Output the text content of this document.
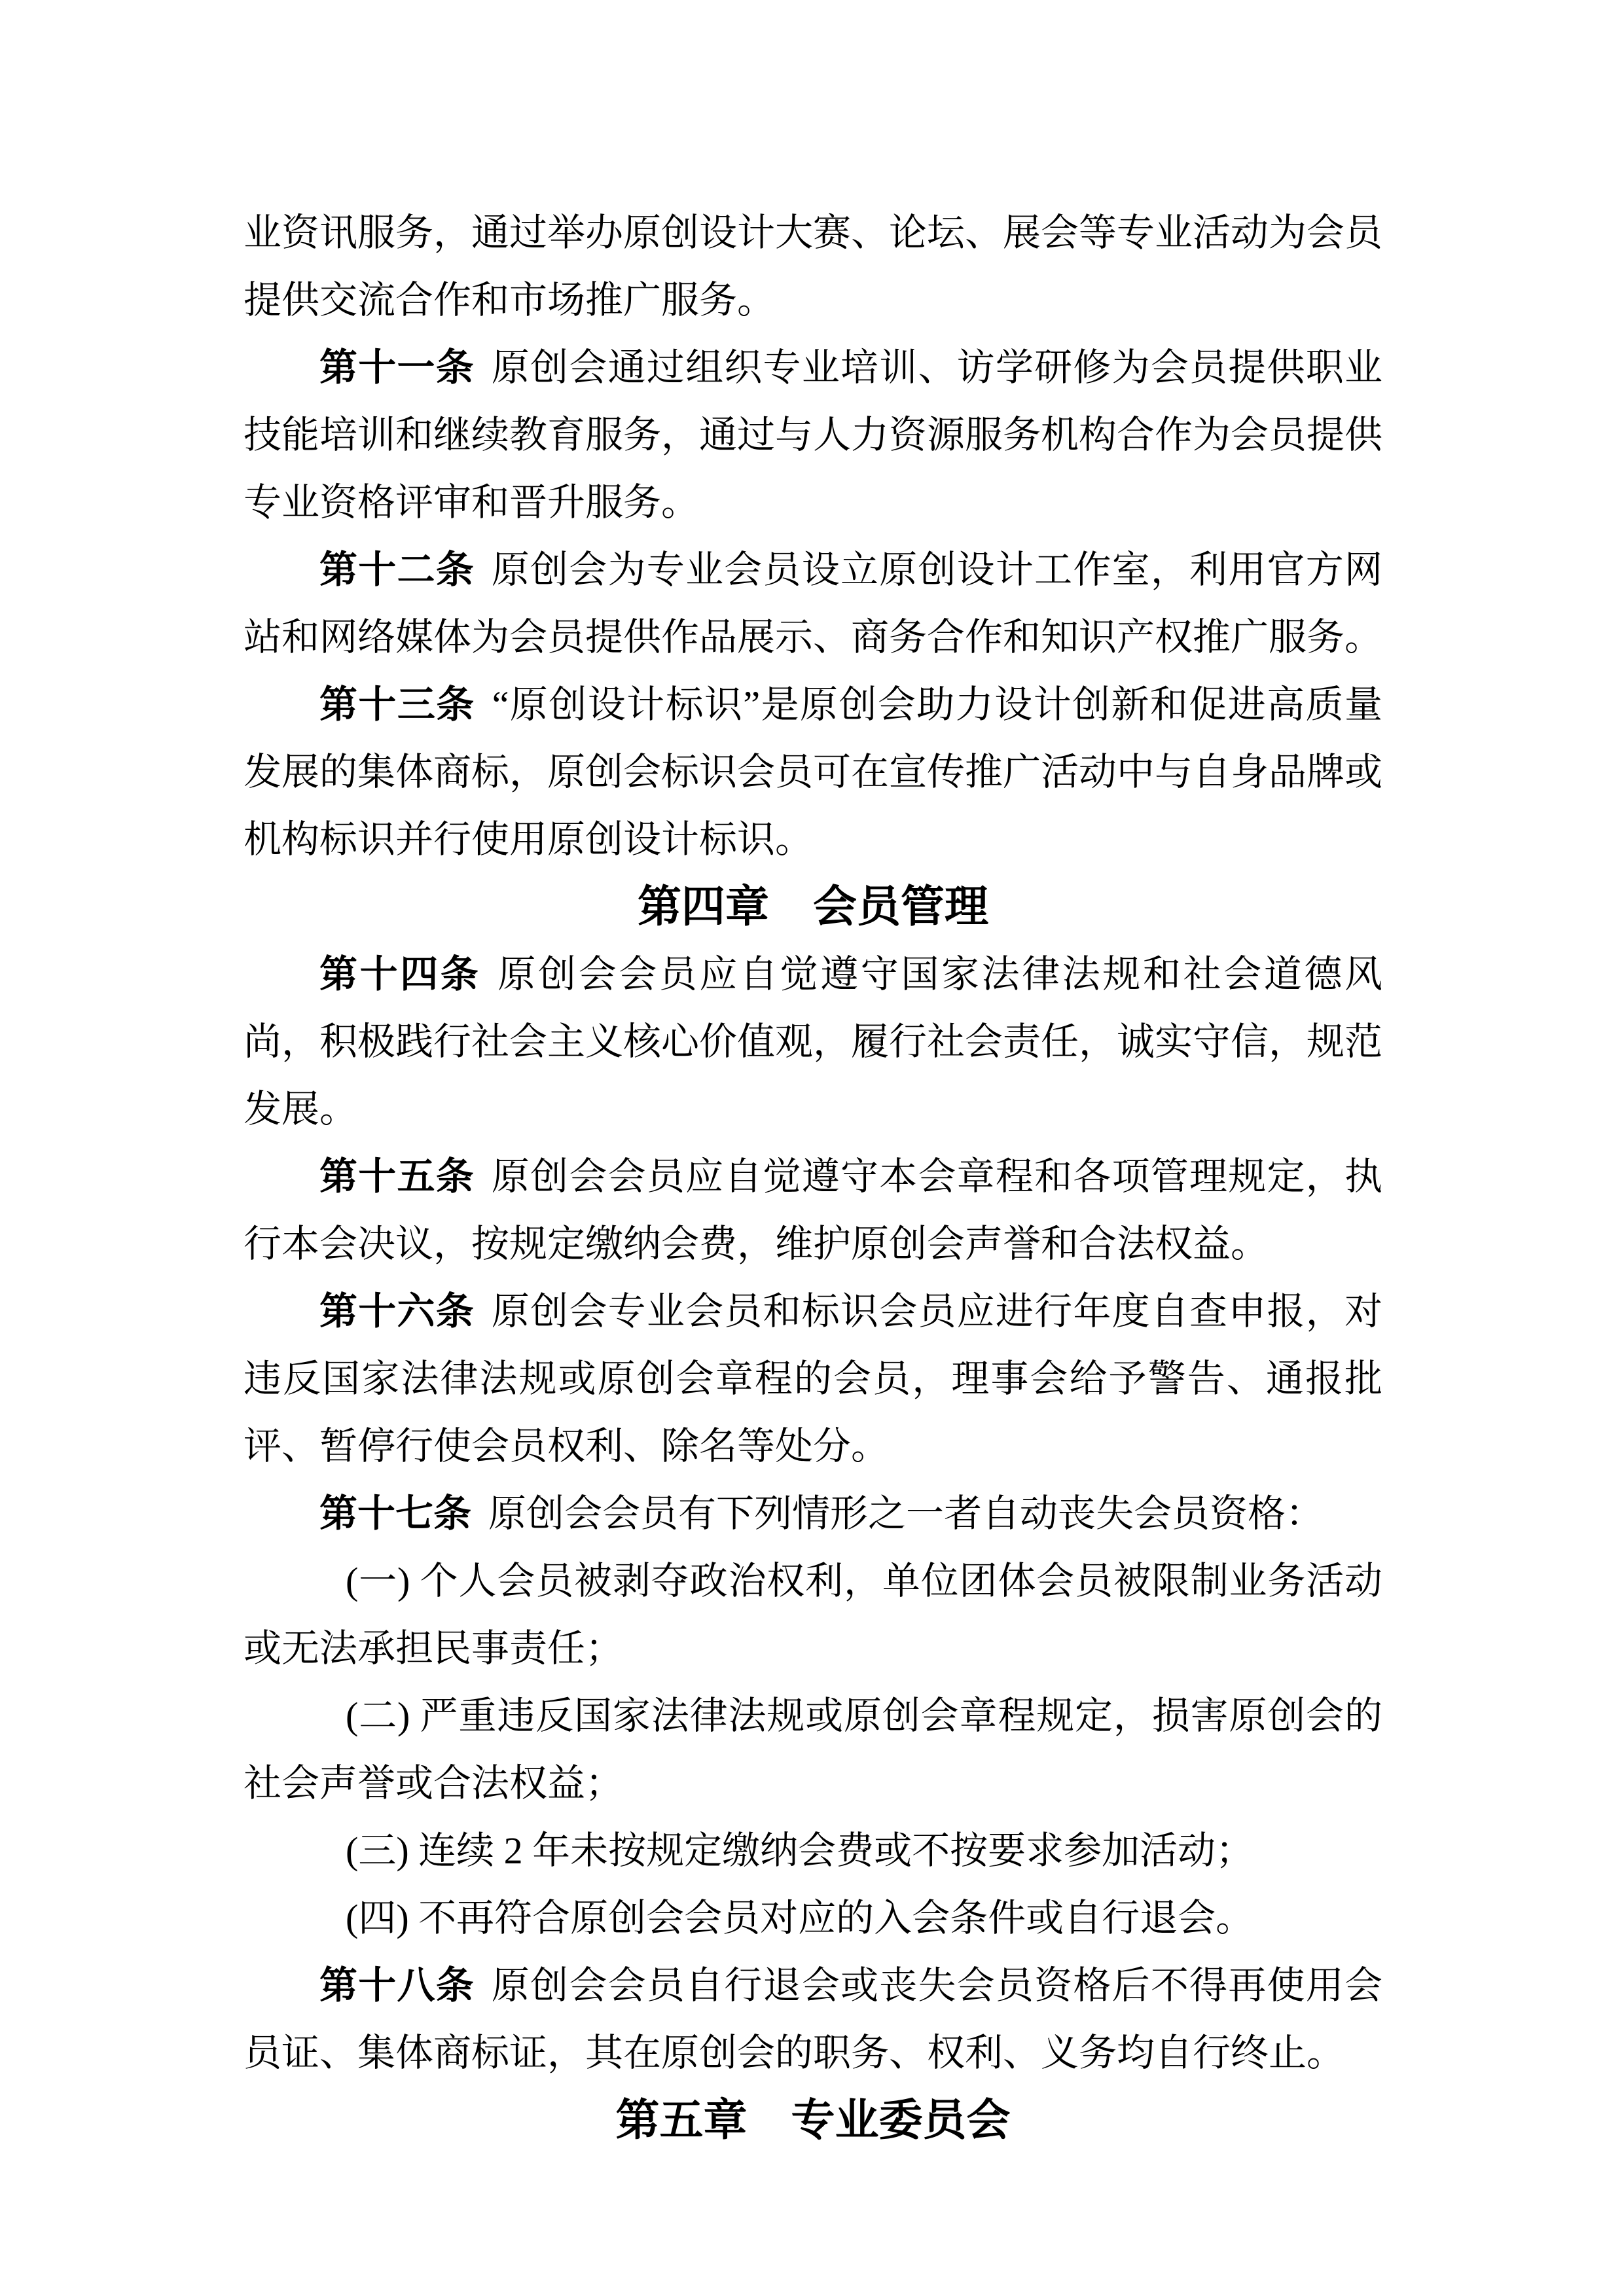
业资讯服务，通过举办原创设计大赛、论坛、展会等专业活动为会员提供交流合作和市场推广服务。

第十一条 原创会通过组织专业培训、访学研修为会员提供职业技能培训和继续教育服务，通过与人力资源服务机构合作为会员提供专业资格评审和晋升服务。

第十二条 原创会为专业会员设立原创设计工作室，利用官方网站和网络媒体为会员提供作品展示、商务合作和知识产权推广服务。

第十三条 “原创设计标识”是原创会助力设计创新和促进高质量发展的集体商标，原创会标识会员可在宣传推广活动中与自身品牌或机构标识并行使用原创设计标识。

第四章　会员管理

第十四条 原创会会员应自觉遵守国家法律法规和社会道德风尚，积极践行社会主义核心价值观，履行社会责任，诚实守信，规范发展。

第十五条 原创会会员应自觉遵守本会章程和各项管理规定，执行本会决议，按规定缴纳会费，维护原创会声誉和合法权益。

第十六条 原创会专业会员和标识会员应进行年度自查申报，对违反国家法律法规或原创会章程的会员，理事会给予警告、通报批评、暂停行使会员权利、除名等处分。

第十七条 原创会会员有下列情形之一者自动丧失会员资格：

(一) 个人会员被剥夺政治权利，单位团体会员被限制业务活动或无法承担民事责任；

(二) 严重违反国家法律法规或原创会章程规定，损害原创会的社会声誉或合法权益；

(三) 连续 2 年未按规定缴纳会费或不按要求参加活动；

(四) 不再符合原创会会员对应的入会条件或自行退会。

第十八条 原创会会员自行退会或丧失会员资格后不得再使用会员证、集体商标证，其在原创会的职务、权利、义务均自行终止。

第五章　专业委员会
